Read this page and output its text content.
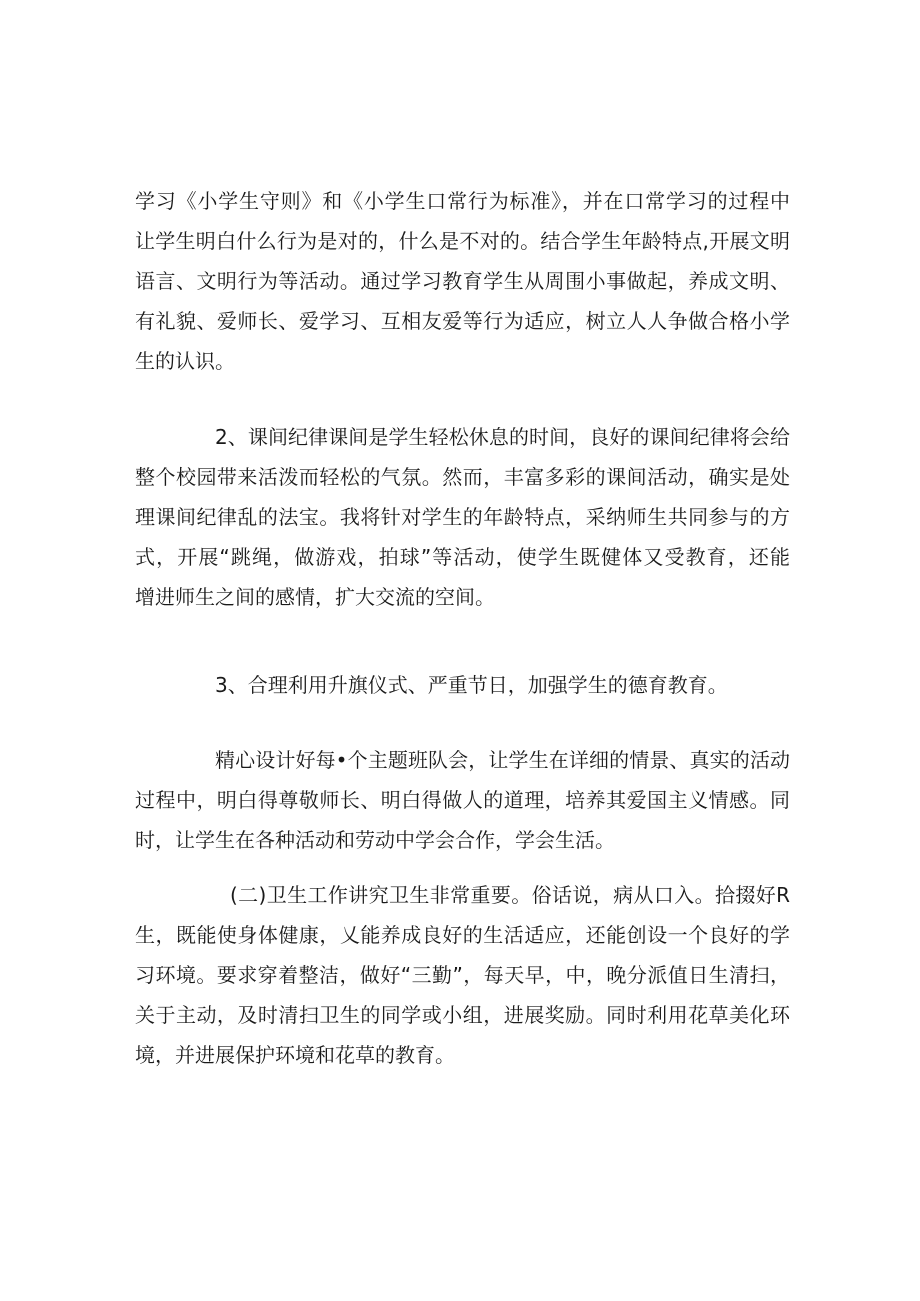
学习《小学生守则》和《小学生口常行为标准》，并在口常学习的过程中
让学生明白什么行为是对的，什么是不对的。结合学生年龄特点,开展文明
语言、文明行为等活动。通过学习教育学生从周围小事做起，养成文明、
有礼貌、爱师长、爱学习、互相友爱等行为适应，树立人人争做合格小学
生的认识。

2、课间纪律课间是学生轻松休息的时间，良好的课间纪律将会给
整个校园带来活泼而轻松的气氛。然而，丰富多彩的课间活动，确实是处
理课间纪律乱的法宝。我将针对学生的年龄特点，采纳师生共同参与的方
式，开展“跳绳，做游戏，拍球”等活动，使学生既健体又受教育，还能
增进师生之间的感情，扩大交流的空间。

3、合理利用升旗仪式、严重节日，加强学生的德育教育。

精心设计好每•个主题班队会，让学生在详细的情景、真实的活动
过程中，明白得尊敬师长、明白得做人的道理，培养其爱国主义情感。同
时，让学生在各种活动和劳动中学会合作，学会生活。

(二)卫生工作讲究卫生非常重要。俗话说，病从口入。拾掇好R
生，既能使身体健康，乂能养成良好的生活适应，还能创设一个良好的学
习环境。要求穿着整洁，做好“三勤”，每天早，中，晚分派值日生清扫，
关于主动，及时清扫卫生的同学或小组，进展奖励。同时利用花草美化环
境，并进展保护环境和花草的教育。
